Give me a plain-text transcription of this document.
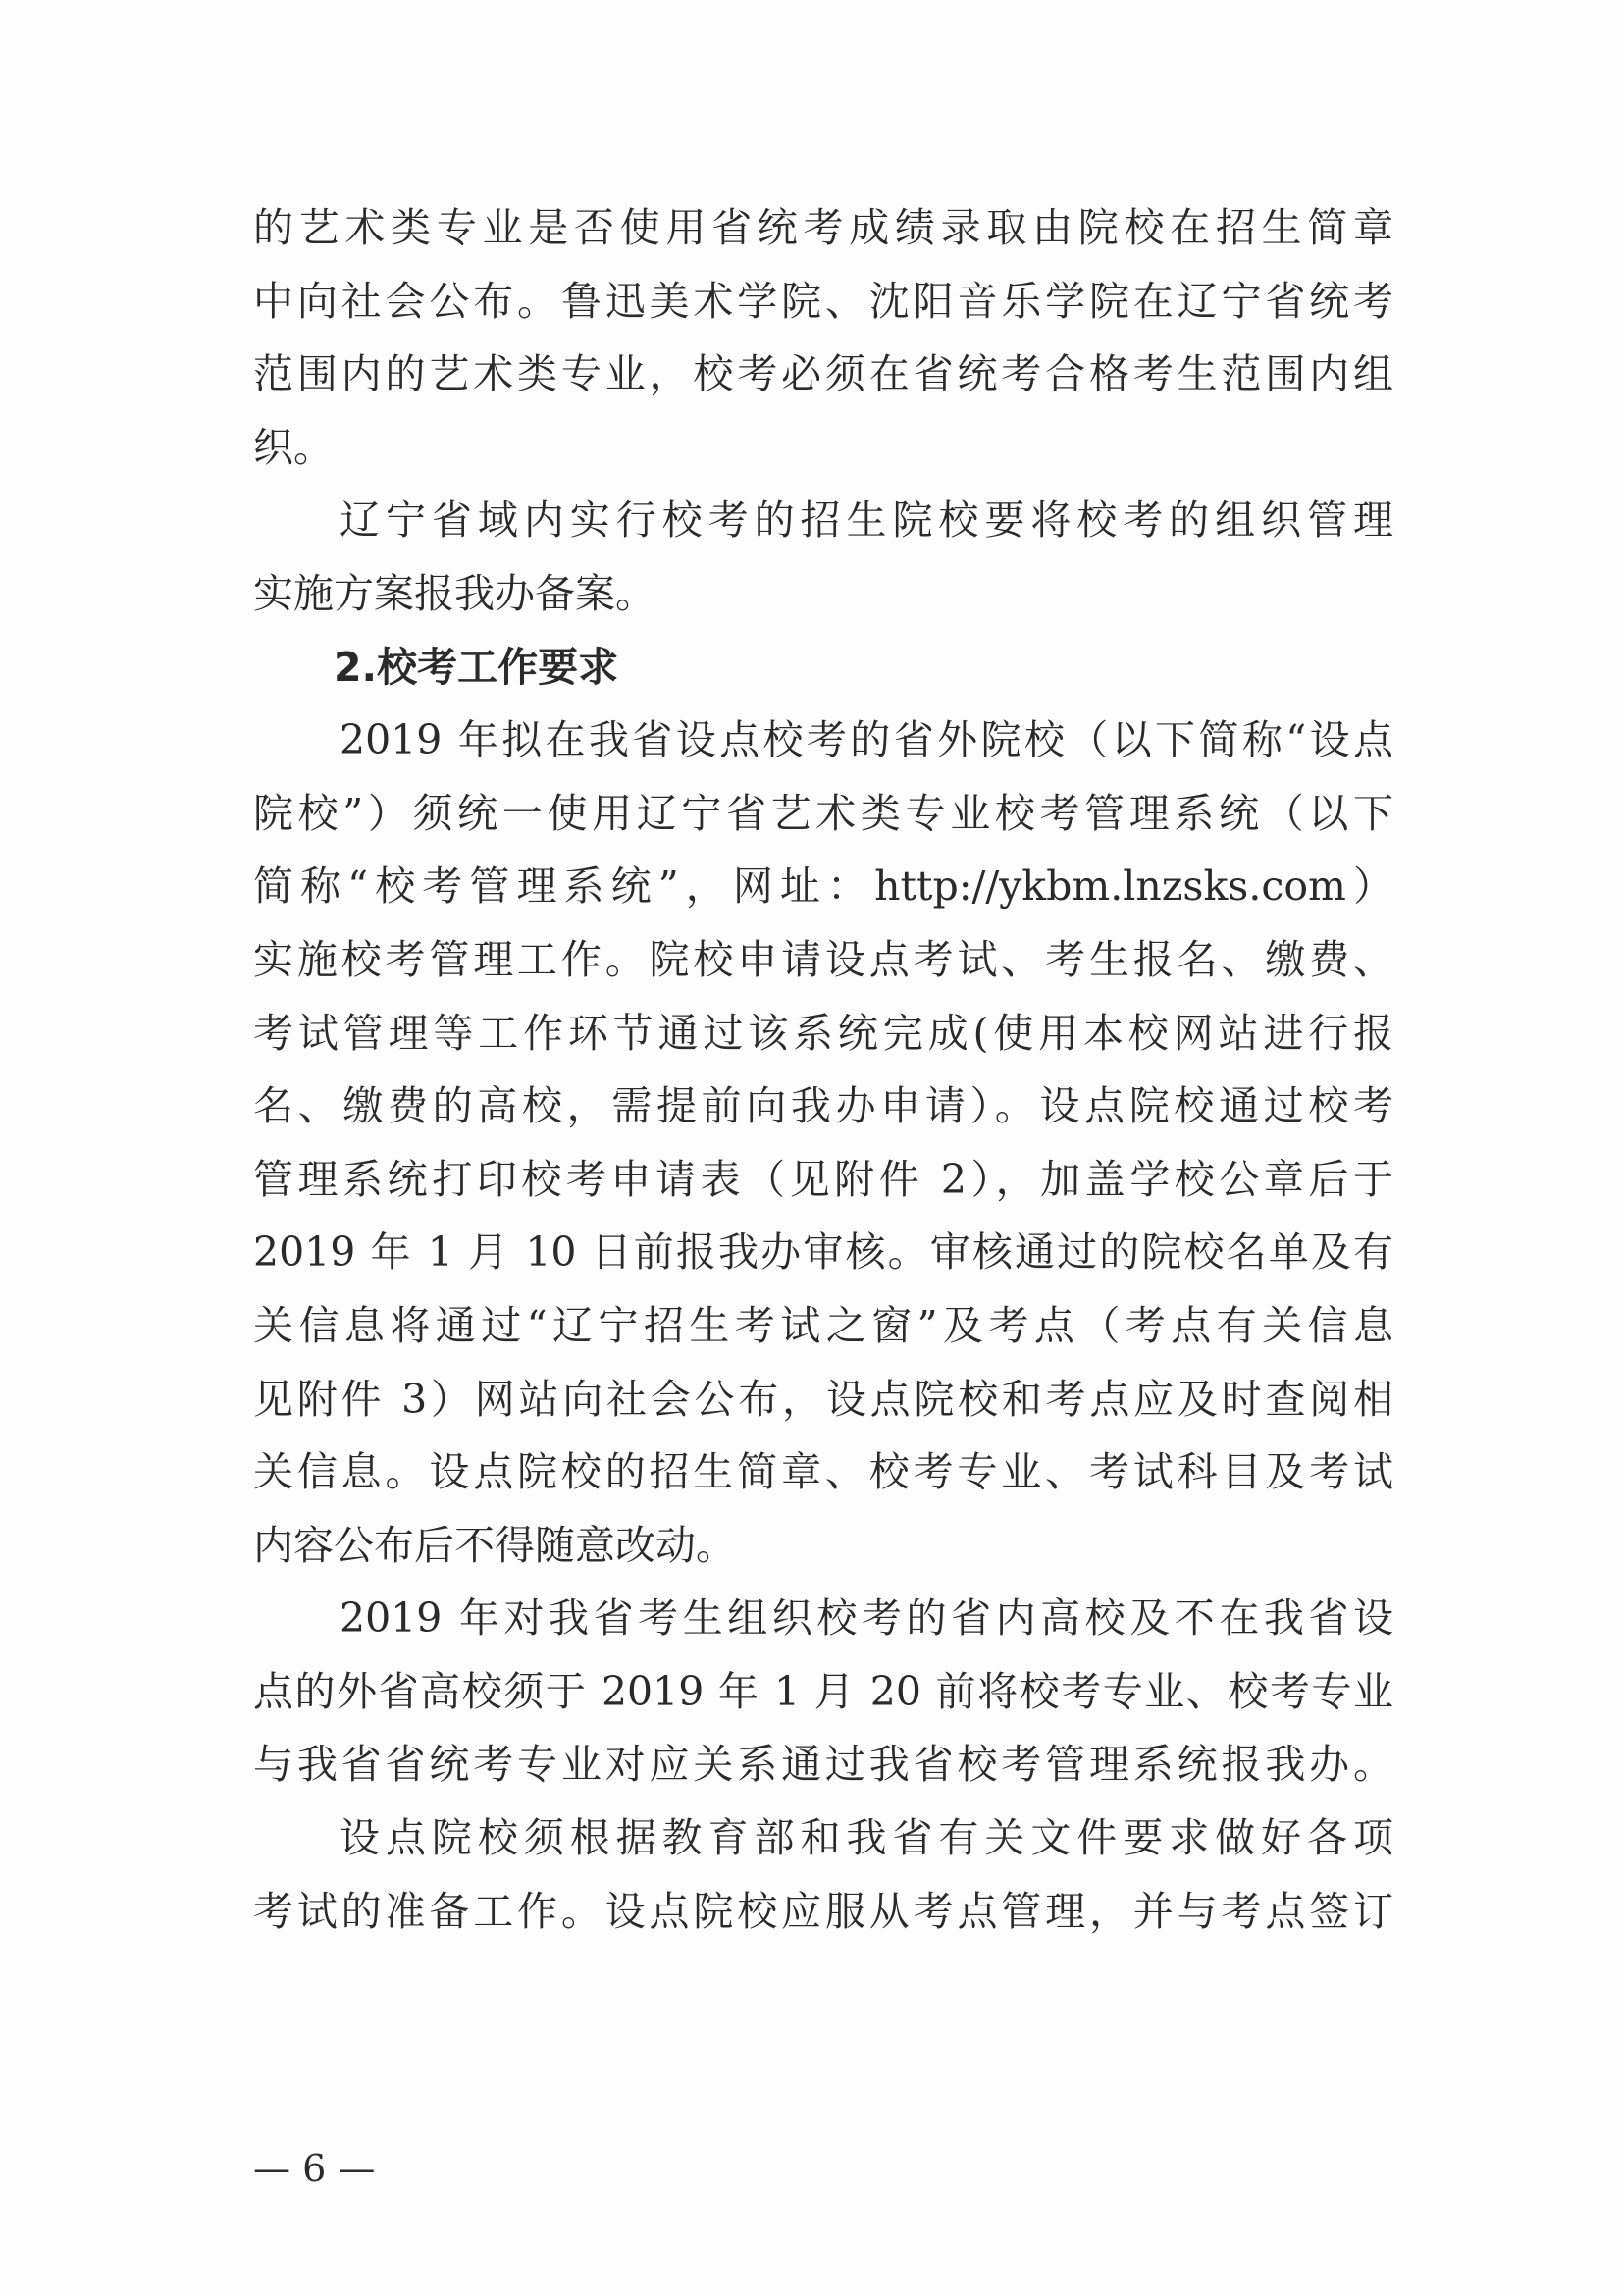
的艺术类专业是否使用省统考成绩录取由院校在招生简章
中向社会公布。鲁迅美术学院、沈阳音乐学院在辽宁省统考
范围内的艺术类专业，校考必须在省统考合格考生范围内组
织。
辽宁省域内实行校考的招生院校要将校考的组织管理
实施方案报我办备案。
2.校考工作要求
2019 年拟在我省设点校考的省外院校（以下简称“设点
院校”）须统一使用辽宁省艺术类专业校考管理系统（以下
简称“校考管理系统”，网址：http://ykbm.lnzsks.com）
实施校考管理工作。院校申请设点考试、考生报名、缴费、
考试管理等工作环节通过该系统完成(使用本校网站进行报
名、缴费的高校，需提前向我办申请）。设点院校通过校考
管理系统打印校考申请表（见附件 2），加盖学校公章后于
2019 年 1 月 10 日前报我办审核。审核通过的院校名单及有
关信息将通过“辽宁招生考试之窗”及考点（考点有关信息
见附件 3）网站向社会公布，设点院校和考点应及时查阅相
关信息。设点院校的招生简章、校考专业、考试科目及考试
内容公布后不得随意改动。
2019 年对我省考生组织校考的省内高校及不在我省设
点的外省高校须于 2019 年 1 月 20 前将校考专业、校考专业
与我省省统考专业对应关系通过我省校考管理系统报我办。
设点院校须根据教育部和我省有关文件要求做好各项
考试的准备工作。设点院校应服从考点管理，并与考点签订
— 6 —
